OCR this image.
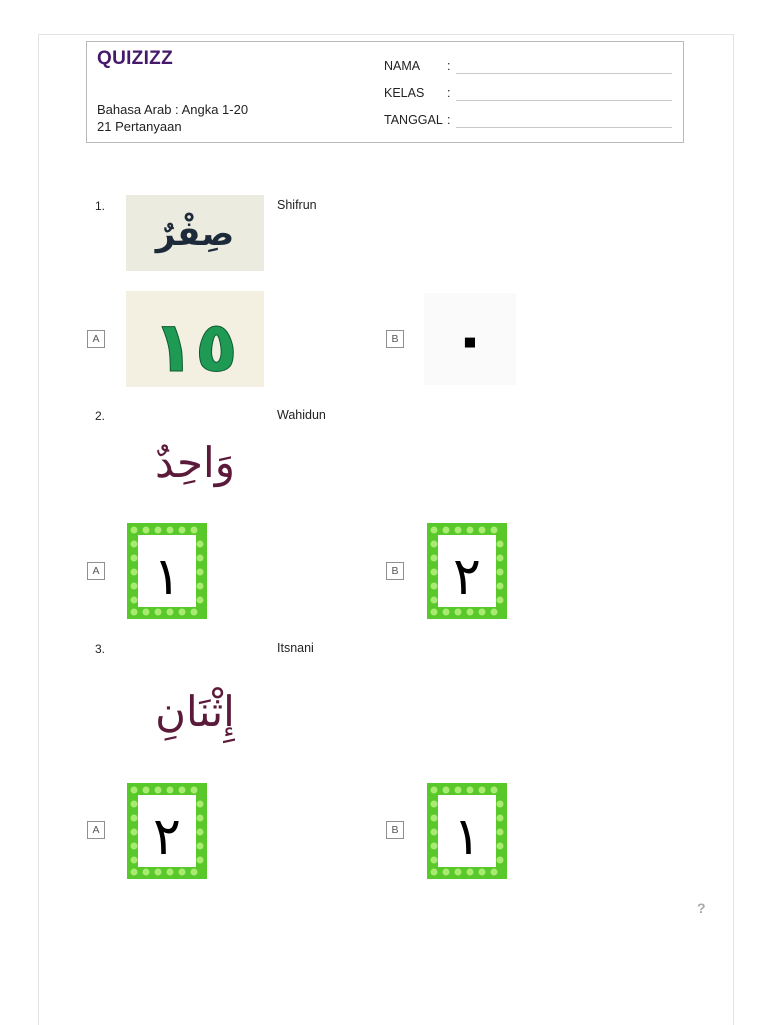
QUIZIZZ
Bahasa Arab : Angka 1-20
21 Pertanyaan
NAMA :
KELAS :
TANGGAL :
1.
صِفْرٌ
Shifrun
A ١٥	B ٠
2.
وَاحِدٌ
Wahidun
A ١	B ٢
3.
إِثْنَانِ
Itsnani
A ٢	B ١
?
